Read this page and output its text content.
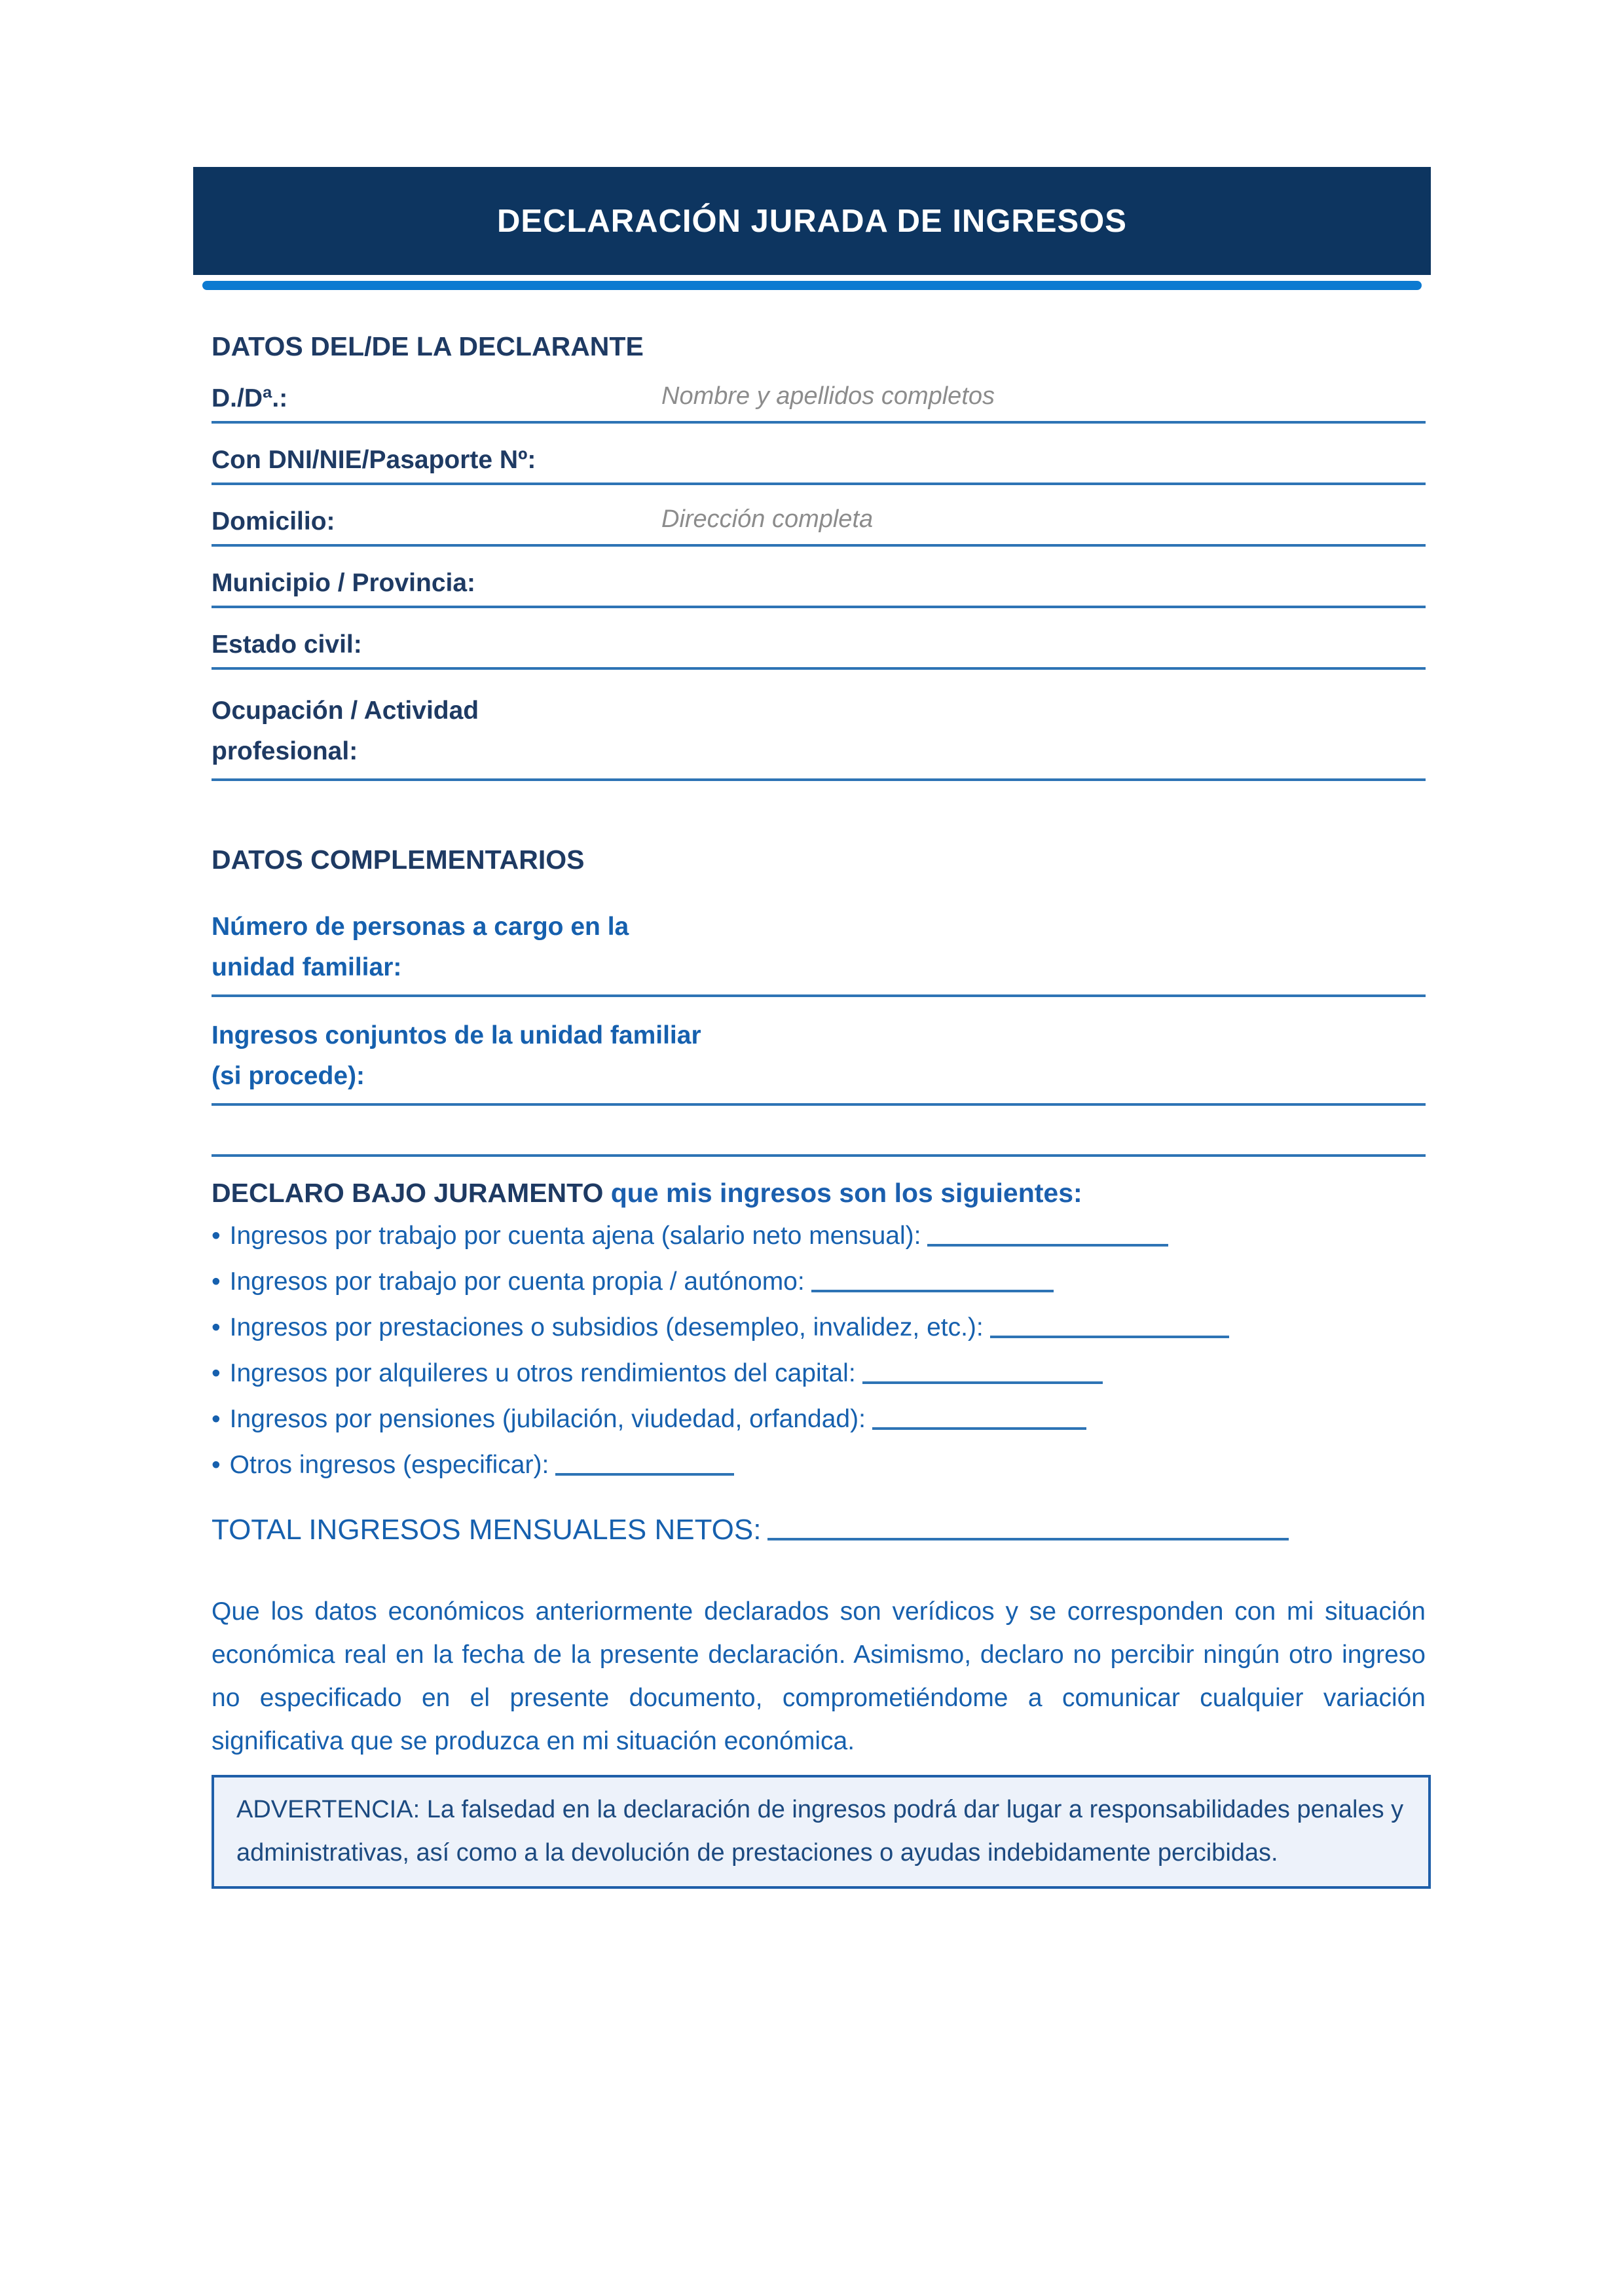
DECLARACIÓN JURADA DE INGRESOS
DATOS DEL/DE LA DECLARANTE
D./Dª.:	Nombre y apellidos completos
Con DNI/NIE/Pasaporte Nº:
Domicilio:	Dirección completa
Municipio / Provincia:
Estado civil:
Ocupación / Actividad
profesional:
DATOS COMPLEMENTARIOS
Número de personas a cargo en la
unidad familiar:
Ingresos conjuntos de la unidad familiar
(si procede):
DECLARO BAJO JURAMENTO que mis ingresos son los siguientes:
• Ingresos por trabajo por cuenta ajena (salario neto mensual):
• Ingresos por trabajo por cuenta propia / autónomo:
• Ingresos por prestaciones o subsidios (desempleo, invalidez, etc.):
• Ingresos por alquileres u otros rendimientos del capital:
• Ingresos por pensiones (jubilación, viudedad, orfandad):
• Otros ingresos (especificar):
TOTAL INGRESOS MENSUALES NETOS:

Que los datos económicos anteriormente declarados son verídicos y se corresponden con mi situación económica real en la fecha de la presente declaración. Asimismo, declaro no percibir ningún otro ingreso no especificado en el presente documento, comprometiéndome a comunicar cualquier variación significativa que se produzca en mi situación económica.

ADVERTENCIA: La falsedad en la declaración de ingresos podrá dar lugar a responsabilidades penales y administrativas, así como a la devolución de prestaciones o ayudas indebidamente percibidas.
